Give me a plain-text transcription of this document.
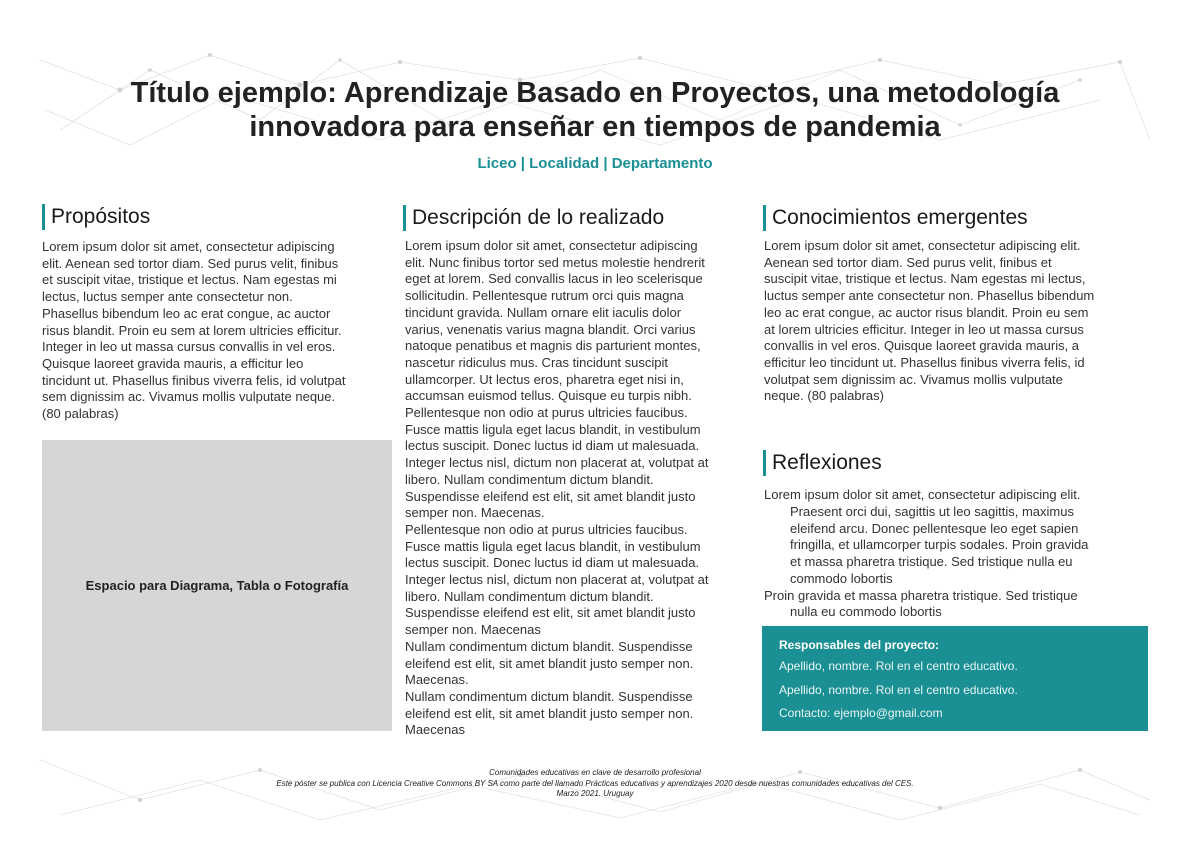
Título ejemplo: Aprendizaje Basado en Proyectos, una metodología
innovadora para enseñar en tiempos de pandemia
Liceo | Localidad | Departamento
Propósitos
Lorem ipsum dolor sit amet, consectetur adipiscing
elit. Aenean sed tortor diam. Sed purus velit, finibus
et suscipit vitae, tristique et lectus. Nam egestas mi
lectus, luctus semper ante consectetur non.
Phasellus bibendum leo ac erat congue, ac auctor
risus blandit. Proin eu sem at lorem ultricies efficitur.
Integer in leo ut massa cursus convallis in vel eros.
Quisque laoreet gravida mauris, a efficitur leo
tincidunt ut. Phasellus finibus viverra felis, id volutpat
sem dignissim ac. Vivamus mollis vulputate neque.
(80 palabras)
Espacio para Diagrama, Tabla o Fotografía
Descripción de lo realizado
Lorem ipsum dolor sit amet, consectetur adipiscing
elit. Nunc finibus tortor sed metus molestie hendrerit
eget at lorem. Sed convallis lacus in leo scelerisque
sollicitudin. Pellentesque rutrum orci quis magna
tincidunt gravida. Nullam ornare elit iaculis dolor
varius, venenatis varius magna blandit. Orci varius
natoque penatibus et magnis dis parturient montes,
nascetur ridiculus mus. Cras tincidunt suscipit
ullamcorper. Ut lectus eros, pharetra eget nisi in,
accumsan euismod tellus. Quisque eu turpis nibh.
Pellentesque non odio at purus ultricies faucibus.
Fusce mattis ligula eget lacus blandit, in vestibulum
lectus suscipit. Donec luctus id diam ut malesuada.
Integer lectus nisl, dictum non placerat at, volutpat at
libero. Nullam condimentum dictum blandit.
Suspendisse eleifend est elit, sit amet blandit justo
semper non. Maecenas.
Pellentesque non odio at purus ultricies faucibus.
Fusce mattis ligula eget lacus blandit, in vestibulum
lectus suscipit. Donec luctus id diam ut malesuada.
Integer lectus nisl, dictum non placerat at, volutpat at
libero. Nullam condimentum dictum blandit.
Suspendisse eleifend est elit, sit amet blandit justo
semper non. Maecenas
Nullam condimentum dictum blandit. Suspendisse
eleifend est elit, sit amet blandit justo semper non.
Maecenas.
Nullam condimentum dictum blandit. Suspendisse
eleifend est elit, sit amet blandit justo semper non.
Maecenas
Conocimientos emergentes
Lorem ipsum dolor sit amet, consectetur adipiscing elit.
Aenean sed tortor diam. Sed purus velit, finibus et
suscipit vitae, tristique et lectus. Nam egestas mi lectus,
luctus semper ante consectetur non. Phasellus bibendum
leo ac erat congue, ac auctor risus blandit. Proin eu sem
at lorem ultricies efficitur. Integer in leo ut massa cursus
convallis in vel eros. Quisque laoreet gravida mauris, a
efficitur leo tincidunt ut. Phasellus finibus viverra felis, id
volutpat sem dignissim ac. Vivamus mollis vulputate
neque. (80 palabras)
Reflexiones
Lorem ipsum dolor sit amet, consectetur adipiscing elit.
Praesent orci dui, sagittis ut leo sagittis, maximus
eleifend arcu. Donec pellentesque leo eget sapien
fringilla, et ullamcorper turpis sodales. Proin gravida
et massa pharetra tristique. Sed tristique nulla eu
commodo lobortis
Proin gravida et massa pharetra tristique. Sed tristique
nulla eu commodo lobortis
Responsables del proyecto:
Apellido, nombre. Rol en el centro educativo.
Apellido, nombre. Rol en el centro educativo.
Contacto: ejemplo@gmail.com
Comunidades educativas en clave de desarrollo profesional
Este póster se publica con Licencia Creative Commons BY SA como parte del llamado Prácticas educativas y aprendizajes 2020 desde nuestras comunidades educativas del CES.
Marzo 2021. Uruguay
